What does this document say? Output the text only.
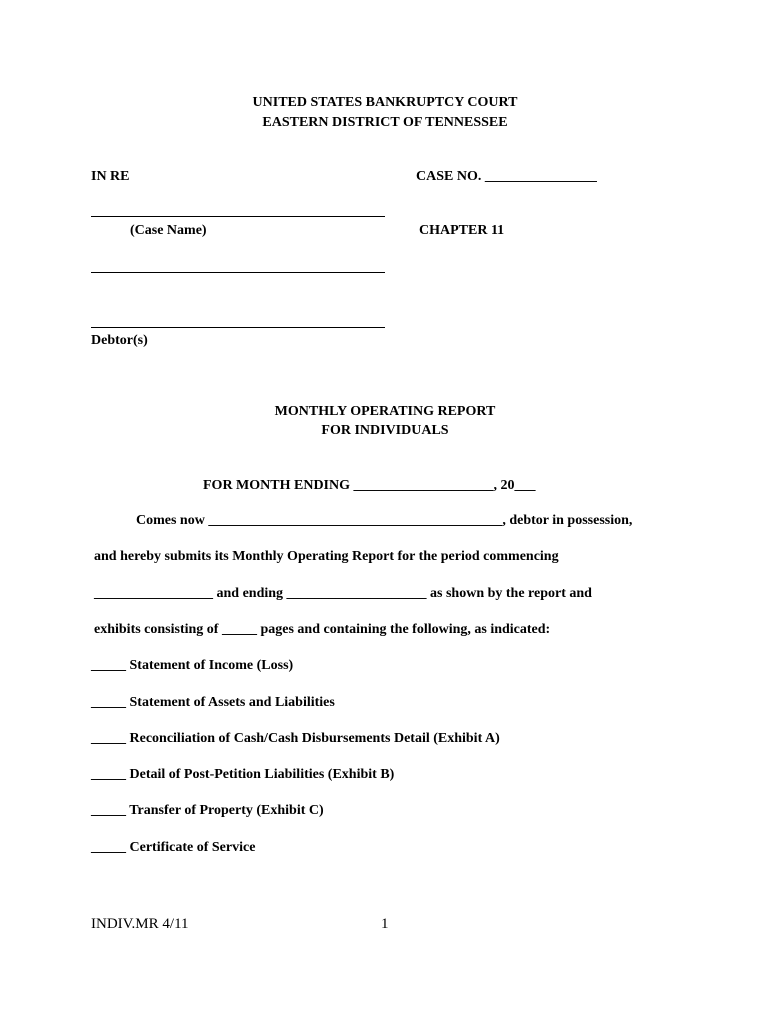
UNITED STATES BANKRUPTCY COURT
EASTERN DISTRICT OF TENNESSEE
IN RE	CASE NO. ________________
(Case Name)	CHAPTER 11
Debtor(s)
MONTHLY OPERATING REPORT
FOR INDIVIDUALS
FOR MONTH ENDING ____________________, 20___
Comes now __________________________________________, debtor in possession,
and hereby submits its Monthly Operating Report for the period commencing
_________________ and ending ____________________ as shown by the report and
exhibits consisting of _____ pages and containing the following, as indicated:
_____ Statement of Income (Loss)
_____ Statement of Assets and Liabilities
_____ Reconciliation of Cash/Cash Disbursements Detail (Exhibit A)
_____ Detail of Post-Petition Liabilities (Exhibit B)
_____ Transfer of Property (Exhibit C)
_____ Certificate of Service
INDIV.MR 4/11	1
